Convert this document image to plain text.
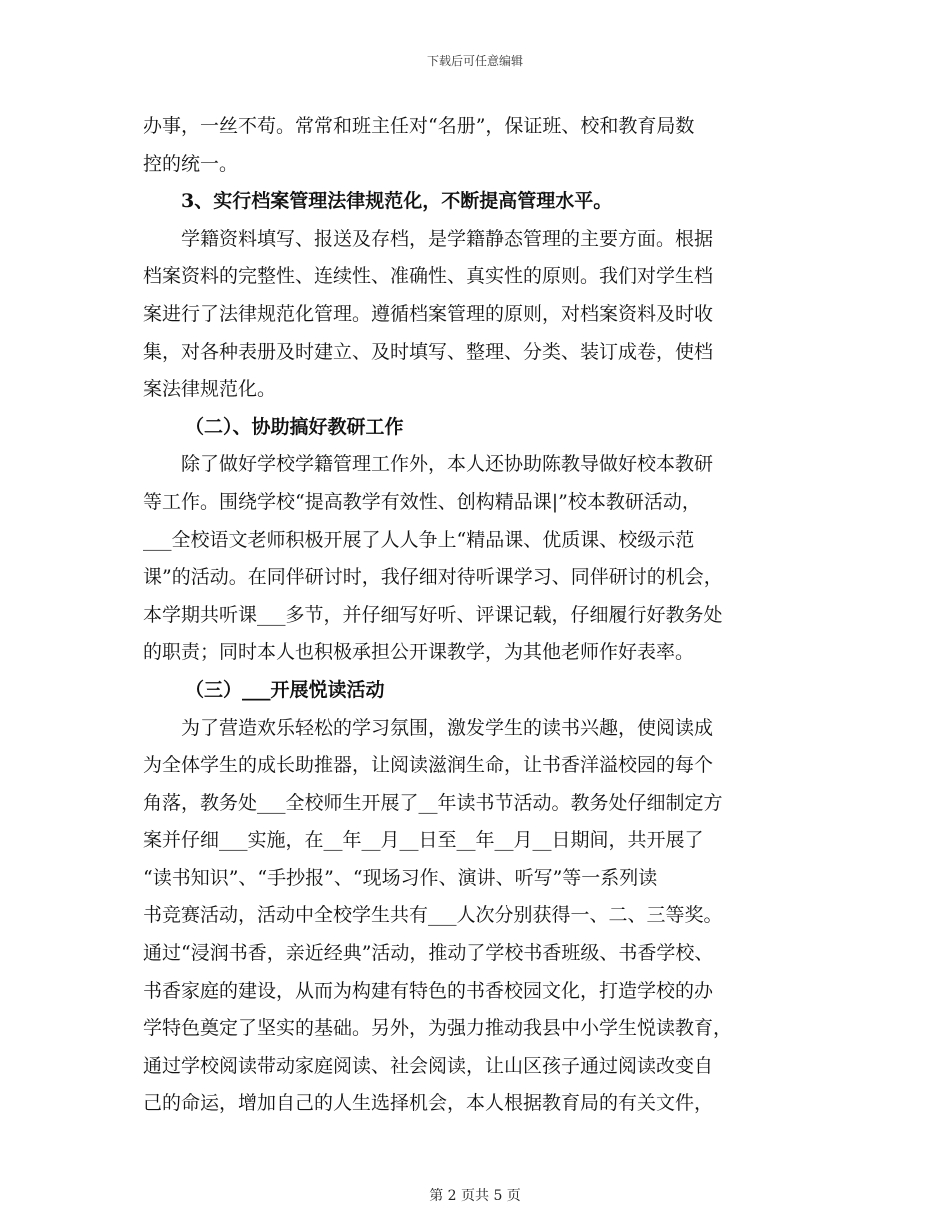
下载后可任意编辑
办事，一丝不苟。常常和班主任对“名册”，保证班、校和教育局数
控的统一。
3、实行档案管理法律规范化，不断提高管理水平。
学籍资料填写、报送及存档，是学籍静态管理的主要方面。根据
档案资料的完整性、连续性、准确性、真实性的原则。我们对学生档
案进行了法律规范化管理。遵循档案管理的原则，对档案资料及时收
集，对各种表册及时建立、及时填写、整理、分类、装订成卷，使档
案法律规范化。
（二）、协助搞好教研工作
除了做好学校学籍管理工作外，本人还协助陈教导做好校本教研
等工作。围绕学校“提高教学有效性、创构精品课|”校本教研活动，
___全校语文老师积极开展了人人争上“精品课、优质课、校级示范
课”的活动。在同伴研讨时，我仔细对待听课学习、同伴研讨的机会，
本学期共听课___多节，并仔细写好听、评课记载，仔细履行好教务处
的职责；同时本人也积极承担公开课教学，为其他老师作好表率。
（三）___开展悦读活动
为了营造欢乐轻松的学习氛围，激发学生的读书兴趣，使阅读成
为全体学生的成长助推器，让阅读滋润生命，让书香洋溢校园的每个
角落，教务处___全校师生开展了__年读书节活动。教务处仔细制定方
案并仔细___实施，在__年__月__日至__年__月__日期间，共开展了
“读书知识”、“手抄报”、“现场习作、演讲、听写”等一系列读
书竞赛活动，活动中全校学生共有___人次分别获得一、二、三等奖。
通过“浸润书香，亲近经典”活动，推动了学校书香班级、书香学校、
书香家庭的建设，从而为构建有特色的书香校园文化，打造学校的办
学特色奠定了坚实的基础。另外，为强力推动我县中小学生悦读教育，
通过学校阅读带动家庭阅读、社会阅读，让山区孩子通过阅读改变自
己的命运，增加自己的人生选择机会，本人根据教育局的有关文件，
第 2 页共 5 页
